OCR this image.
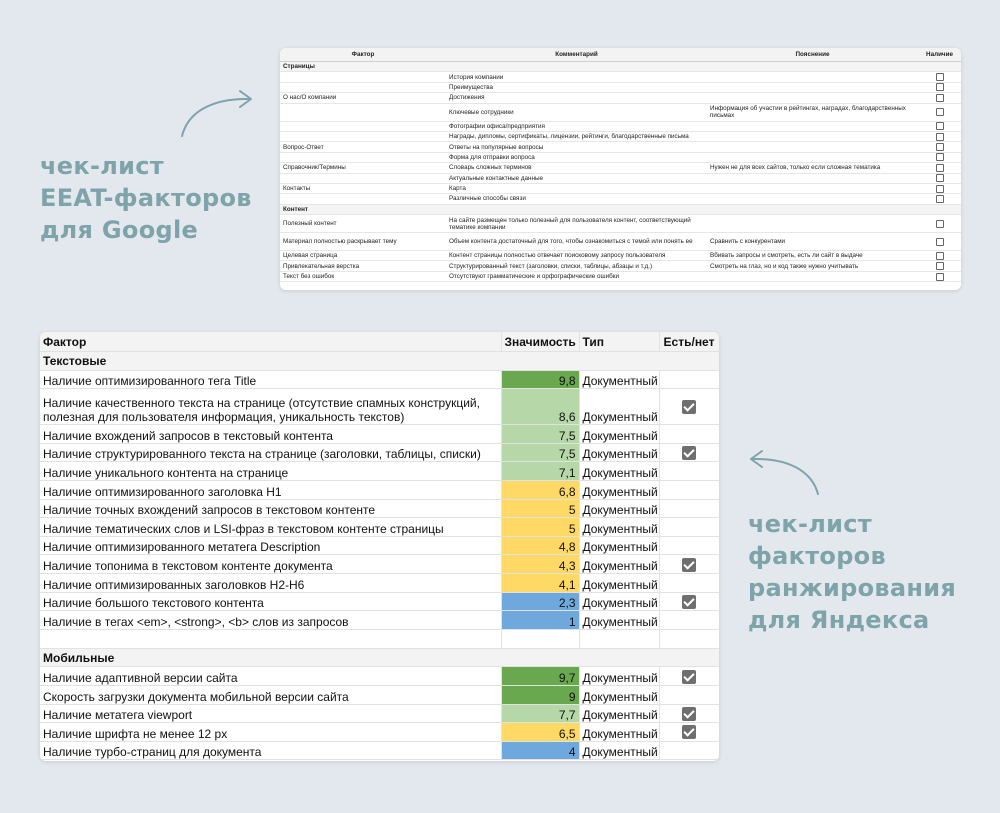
чек-лист
EEAT-факторов
для Google
чек-лист
факторов
ранжирования
для Яндекса
Фактор	Комментарий	Пояснение	Наличие
Страницы			
	История компании		
	Преимущества		
О нас/О компании	Достижения		
	Ключевые сотрудники	Информация об участии в рейтингах, наградах, благодарственных письмах	
	Фотографии офиса/предприятия		
	Награды, дипломы, сертификаты, лицензии, рейтинги, благодарственные письма		
Вопрос-Ответ	Ответы на популярные вопросы		
	Форма для отправки вопроса		
Справочник/Термины	Словарь сложных терминов	Нужен не для всех сайтов, только если сложная тематика	
	Актуальные контактные данные		
Контакты	Карта		
	Различные способы связи		
Контент			
Полезный контент	На сайте размещен только полезный для пользователя контент, соответствующий тематике компании		
Материал полностью раскрывает тему	Объем контента достаточный для того, чтобы ознакомиться с темой или понять ее	Сравнить с конкурентами	
Целевая страница	Контент страницы полностью отвечает поисковому запросу пользователя	Вбивать запросы и смотреть, есть ли сайт в выдаче	
Привлекательная верстка	Структурированный текст (заголовки, списки, таблицы, абзацы и т.д.)	Смотреть на глаз, но и код также нужно учитывать	
Текст без ошибок	Отсутствуют грамматические и орфографические ошибки		
Фактор	Значимость	Тип	Есть/нет
Текстовые			
Наличие оптимизированного тега Title	9,8	Документный	
Наличие качественного текста на странице (отсутствие спамных конструкций, полезная для пользователя информация, уникальность текстов)	8,6	Документный	
Наличие вхождений запросов в текстовый контента	7,5	Документный	
Наличие структурированного текста на странице (заголовки, таблицы, списки)	7,5	Документный	
Наличие уникального контента на странице	7,1	Документный	
Наличие оптимизированного заголовка H1	6,8	Документный	
Наличие точных вхождений запросов в текстовом контенте	5	Документный	
Наличие тематических слов и LSI-фраз в текстовом контенте страницы	5	Документный	
Наличие оптимизированного метатега Description	4,8	Документный	
Наличие топонима в текстовом контенте документа	4,3	Документный	
Наличие оптимизированных заголовков H2-H6	4,1	Документный	
Наличие большого текстового контента	2,3	Документный	
Наличие в тегах <em>, <strong>, <b> слов из запросов	1	Документный	

Мобильные			
Наличие адаптивной версии сайта	9,7	Документный	
Скорость загрузки документа мобильной версии сайта	9	Документный	
Наличие метатега viewport	7,7	Документный	
Наличие шрифта не менее 12 px	6,5	Документный	
Наличие турбо-страниц для документа	4	Документный	
